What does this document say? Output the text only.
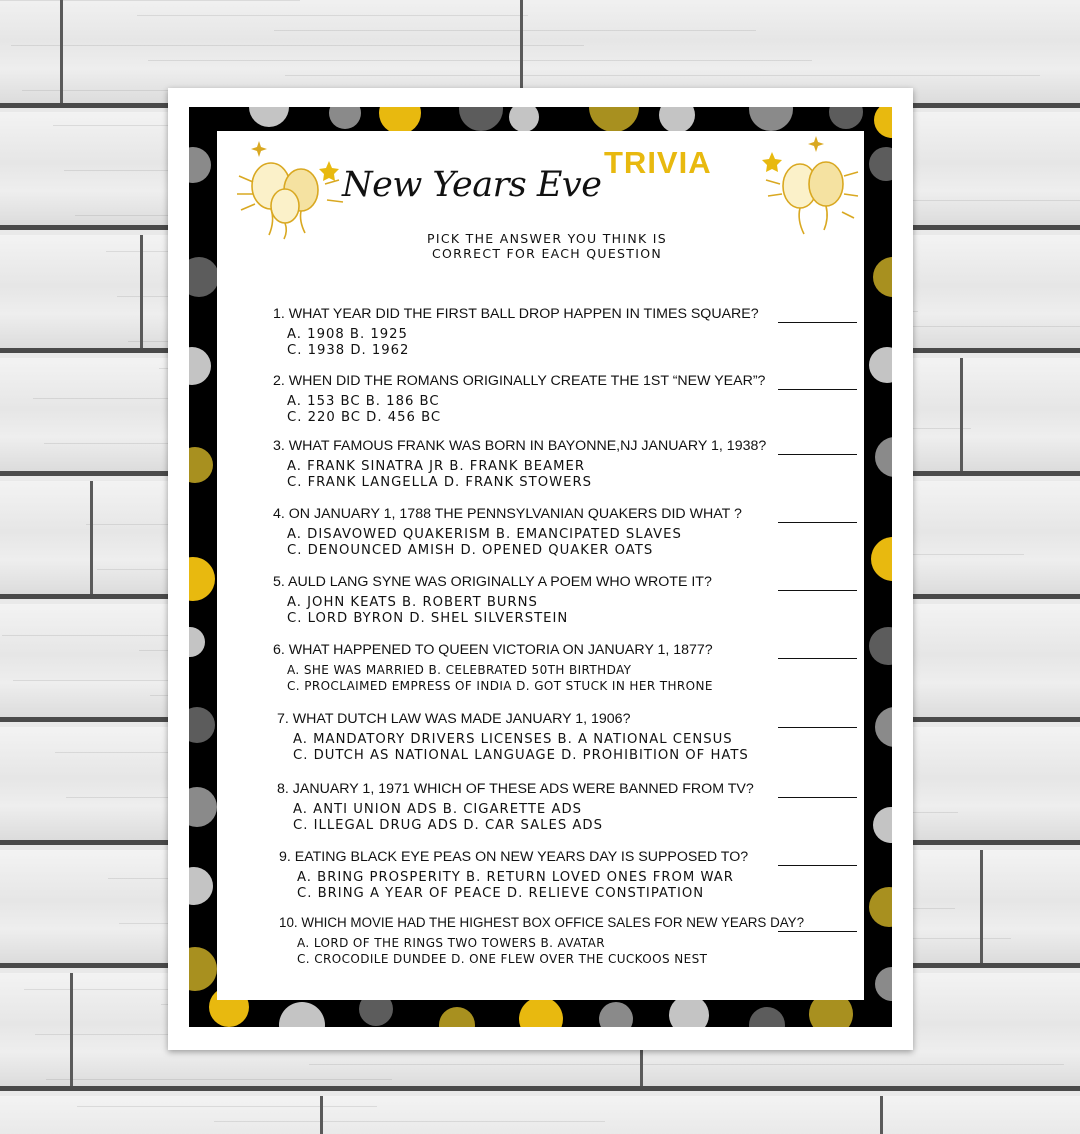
TRIVIA
New Years Eve
PICK THE ANSWER YOU THINK IS
CORRECT FOR EACH QUESTION
1. WHAT YEAR DID THE FIRST BALL DROP HAPPEN IN TIMES SQUARE?
A. 1908 B. 1925
C. 1938 D. 1962
2. WHEN DID THE ROMANS ORIGINALLY CREATE THE 1ST “NEW YEAR”?
A. 153 BC B. 186 BC
C. 220 BC D. 456 BC
3. WHAT FAMOUS FRANK WAS BORN IN BAYONNE,NJ JANUARY 1, 1938?
A. FRANK SINATRA JR B. FRANK BEAMER
C. FRANK LANGELLA D. FRANK STOWERS
4. ON JANUARY 1, 1788 THE PENNSYLVANIAN QUAKERS DID WHAT ?
A. DISAVOWED QUAKERISM B. EMANCIPATED SLAVES
C. DENOUNCED AMISH D. OPENED QUAKER OATS
5. AULD LANG SYNE WAS ORIGINALLY A POEM WHO WROTE IT?
A. JOHN KEATS B. ROBERT BURNS
C. LORD BYRON D. SHEL SILVERSTEIN
6. WHAT HAPPENED TO QUEEN VICTORIA ON JANUARY 1, 1877?
A. SHE WAS MARRIED B. CELEBRATED 50TH BIRTHDAY
C. PROCLAIMED EMPRESS OF INDIA D. GOT STUCK IN HER THRONE
7. WHAT DUTCH LAW WAS MADE JANUARY 1, 1906?
A. MANDATORY DRIVERS LICENSES B. A NATIONAL CENSUS
C. DUTCH AS NATIONAL LANGUAGE D. PROHIBITION OF HATS
8. JANUARY 1, 1971 WHICH OF THESE ADS WERE BANNED FROM TV?
A. ANTI UNION ADS B. CIGARETTE ADS
C. ILLEGAL DRUG ADS D. CAR SALES ADS
9. EATING BLACK EYE PEAS ON NEW YEARS DAY IS SUPPOSED TO?
A. BRING PROSPERITY B. RETURN LOVED ONES FROM WAR
C. BRING A YEAR OF PEACE D. RELIEVE CONSTIPATION
10. WHICH MOVIE HAD THE HIGHEST BOX OFFICE SALES FOR NEW YEARS DAY?
A. LORD OF THE RINGS TWO TOWERS B. AVATAR
C. CROCODILE DUNDEE D. ONE FLEW OVER THE CUCKOOS NEST
